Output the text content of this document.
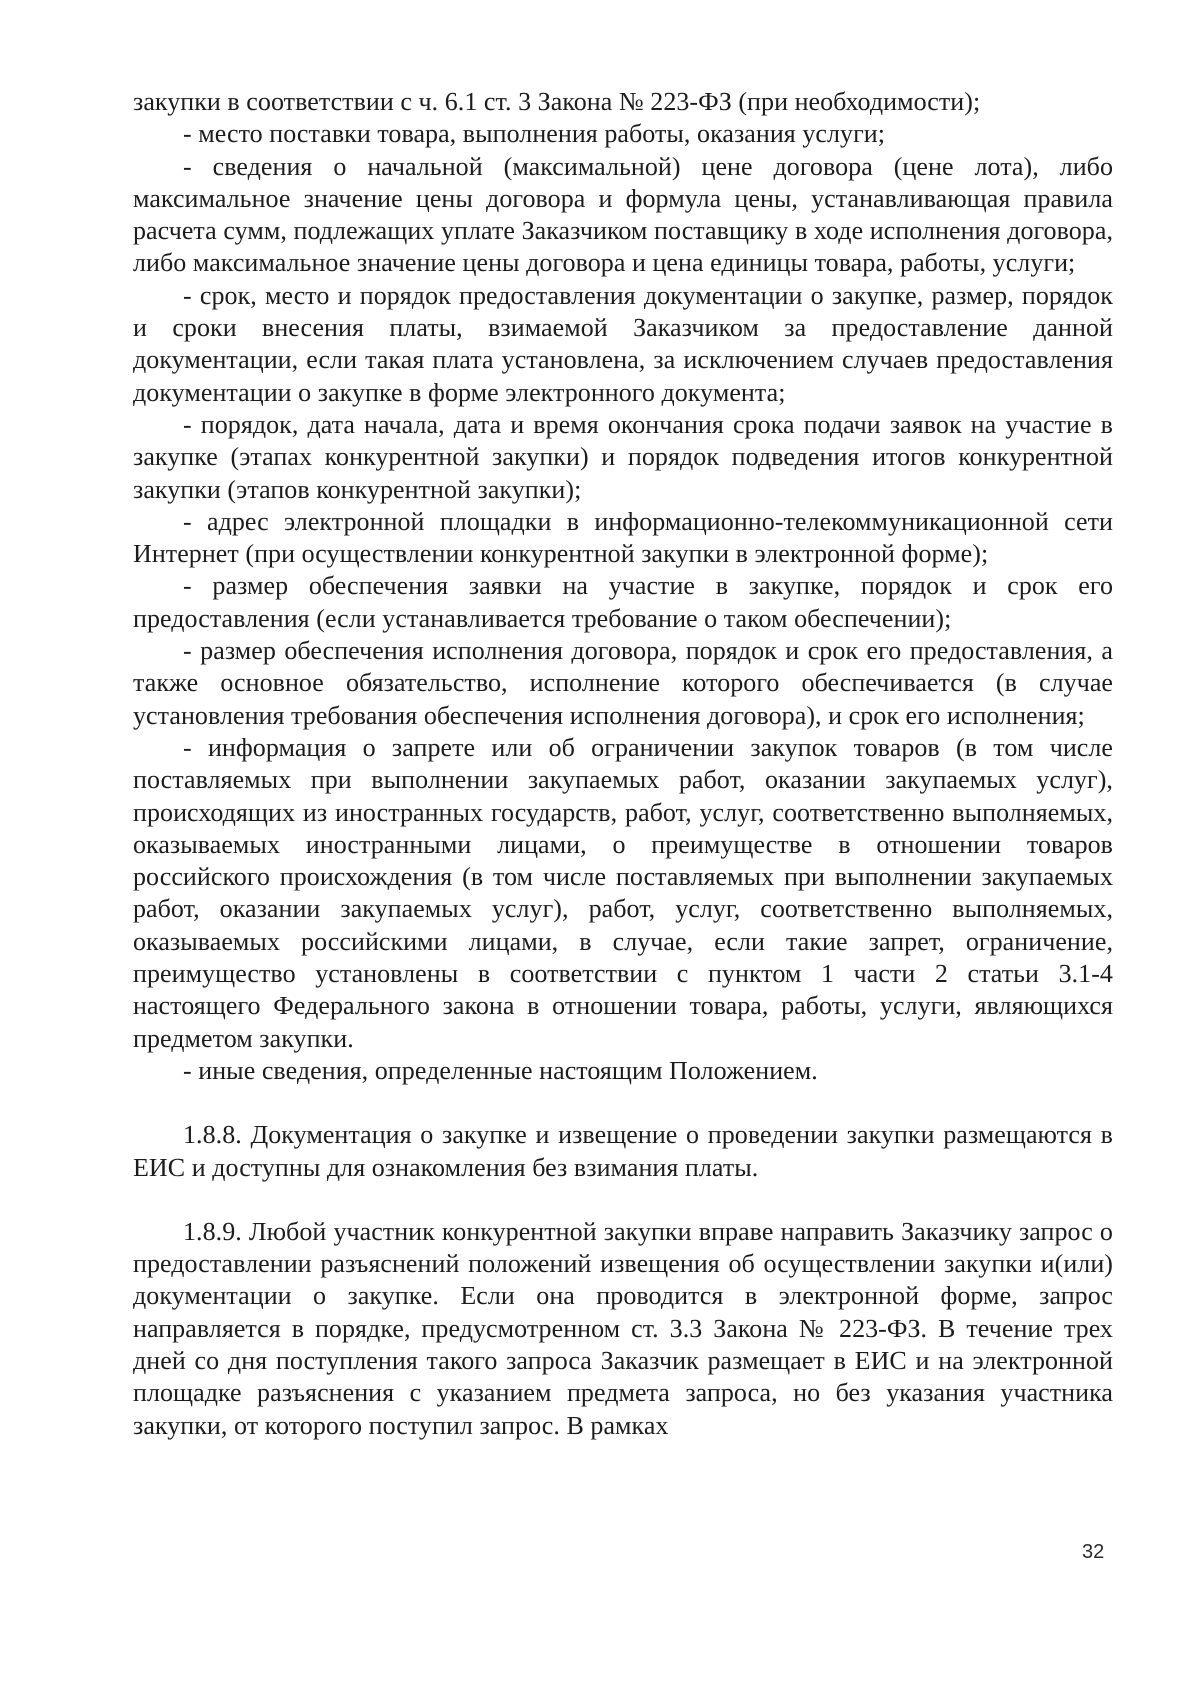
закупки в соответствии с ч. 6.1 ст. 3 Закона № 223-ФЗ (при необходимости);

- место поставки товара, выполнения работы, оказания услуги;

- сведения о начальной (максимальной) цене договора (цене лота), либо максимальное значение цены договора и формула цены, устанавливающая правила расчета сумм, подлежащих уплате Заказчиком поставщику в ходе исполнения договора, либо максимальное значение цены договора и цена единицы товара, работы, услуги;

- срок, место и порядок предоставления документации о закупке, размер, порядок и сроки внесения платы, взимаемой Заказчиком за предоставление данной документации, если такая плата установлена, за исключением случаев предоставления документации о закупке в форме электронного документа;

- порядок, дата начала, дата и время окончания срока подачи заявок на участие в закупке (этапах конкурентной закупки) и порядок подведения итогов конкурентной закупки (этапов конкурентной закупки);

- адрес электронной площадки в информационно-телекоммуникационной сети Интернет (при осуществлении конкурентной закупки в электронной форме);

- размер обеспечения заявки на участие в закупке, порядок и срок его предоставления (если устанавливается требование о таком обеспечении);

- размер обеспечения исполнения договора, порядок и срок его предоставления, а также основное обязательство, исполнение которого обеспечивается (в случае установления требования обеспечения исполнения договора), и срок его исполнения;

- информация о запрете или об ограничении закупок товаров (в том числе поставляемых при выполнении закупаемых работ, оказании закупаемых услуг), происходящих из иностранных государств, работ, услуг, соответственно выполняемых, оказываемых иностранными лицами, о преимуществе в отношении товаров российского происхождения (в том числе поставляемых при выполнении закупаемых работ, оказании закупаемых услуг), работ, услуг, соответственно выполняемых, оказываемых российскими лицами, в случае, если такие запрет, ограничение, преимущество установлены в соответствии с пунктом 1 части 2 статьи 3.1-4 настоящего Федерального закона в отношении товара, работы, услуги, являющихся предметом закупки.

- иные сведения, определенные настоящим Положением.

1.8.8. Документация о закупке и извещение о проведении закупки размещаются в ЕИС и доступны для ознакомления без взимания платы.

1.8.9. Любой участник конкурентной закупки вправе направить Заказчику запрос о предоставлении разъяснений положений извещения об осуществлении закупки и(или) документации о закупке. Если она проводится в электронной форме, запрос направляется в порядке, предусмотренном ст. 3.3 Закона № 223-ФЗ. В течение трех дней со дня поступления такого запроса Заказчик размещает в ЕИС и на электронной площадке разъяснения с указанием предмета запроса, но без указания участника закупки, от которого поступил запрос. В рамках

32
